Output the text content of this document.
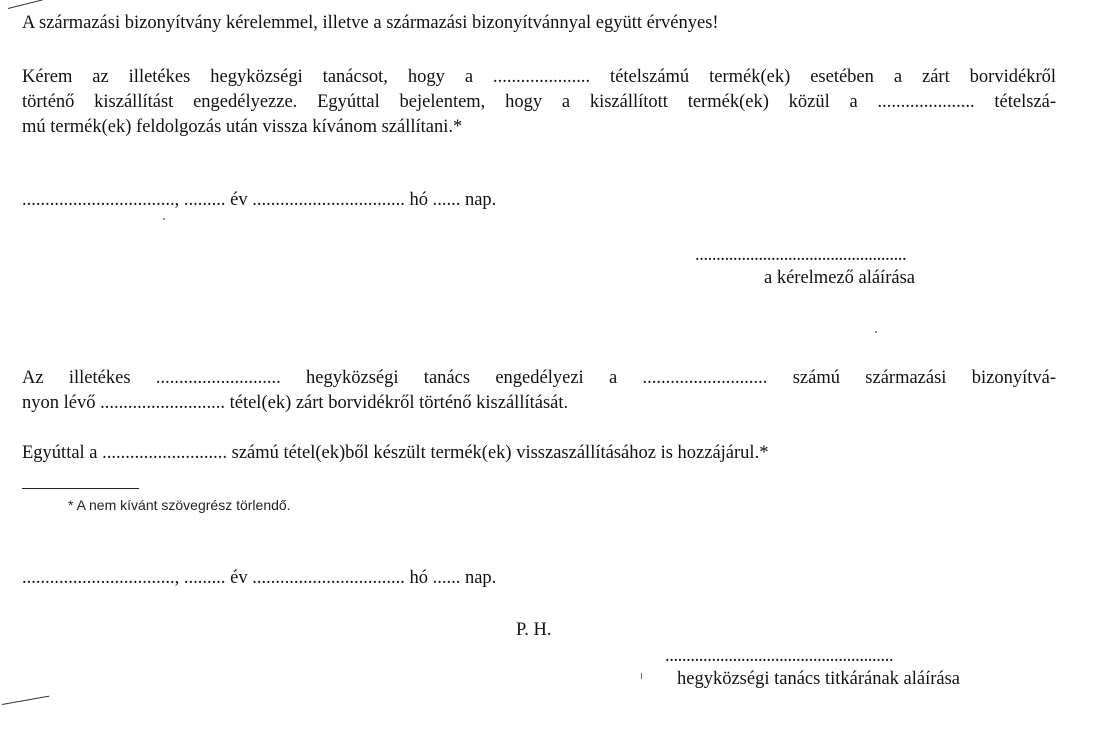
A származási bizonyítvány kérelemmel, illetve a származási bizonyítvánnyal együtt érvényes!
Kérem az illetékes hegyközségi tanácsot, hogy a ..................... tételszámú termék(ek) esetében a zárt borvidékről
történő kiszállítást engedélyezze. Egyúttal bejelentem, hogy a kiszállított termék(ek) közül a ..................... tételszá-
mú termék(ek) feldolgozás után vissza kívánom szállítani.*
................................., ......... év ................................. hó ...... nap.
..................................................
a kérelmező aláírása
Az illetékes ........................... hegyközségi tanács engedélyezi a ........................... számú származási bizonyítvá-
nyon lévő ........................... tétel(ek) zárt borvidékről történő kiszállítását.
Egyúttal a ........................... számú tétel(ek)ből készült termék(ek) visszaszállításához is hozzájárul.*
* A nem kívánt szövegrész törlendő.
................................., ......... év ................................. hó ...... nap.
P. H.
......................................................
hegyközségi tanács titkárának aláírása
